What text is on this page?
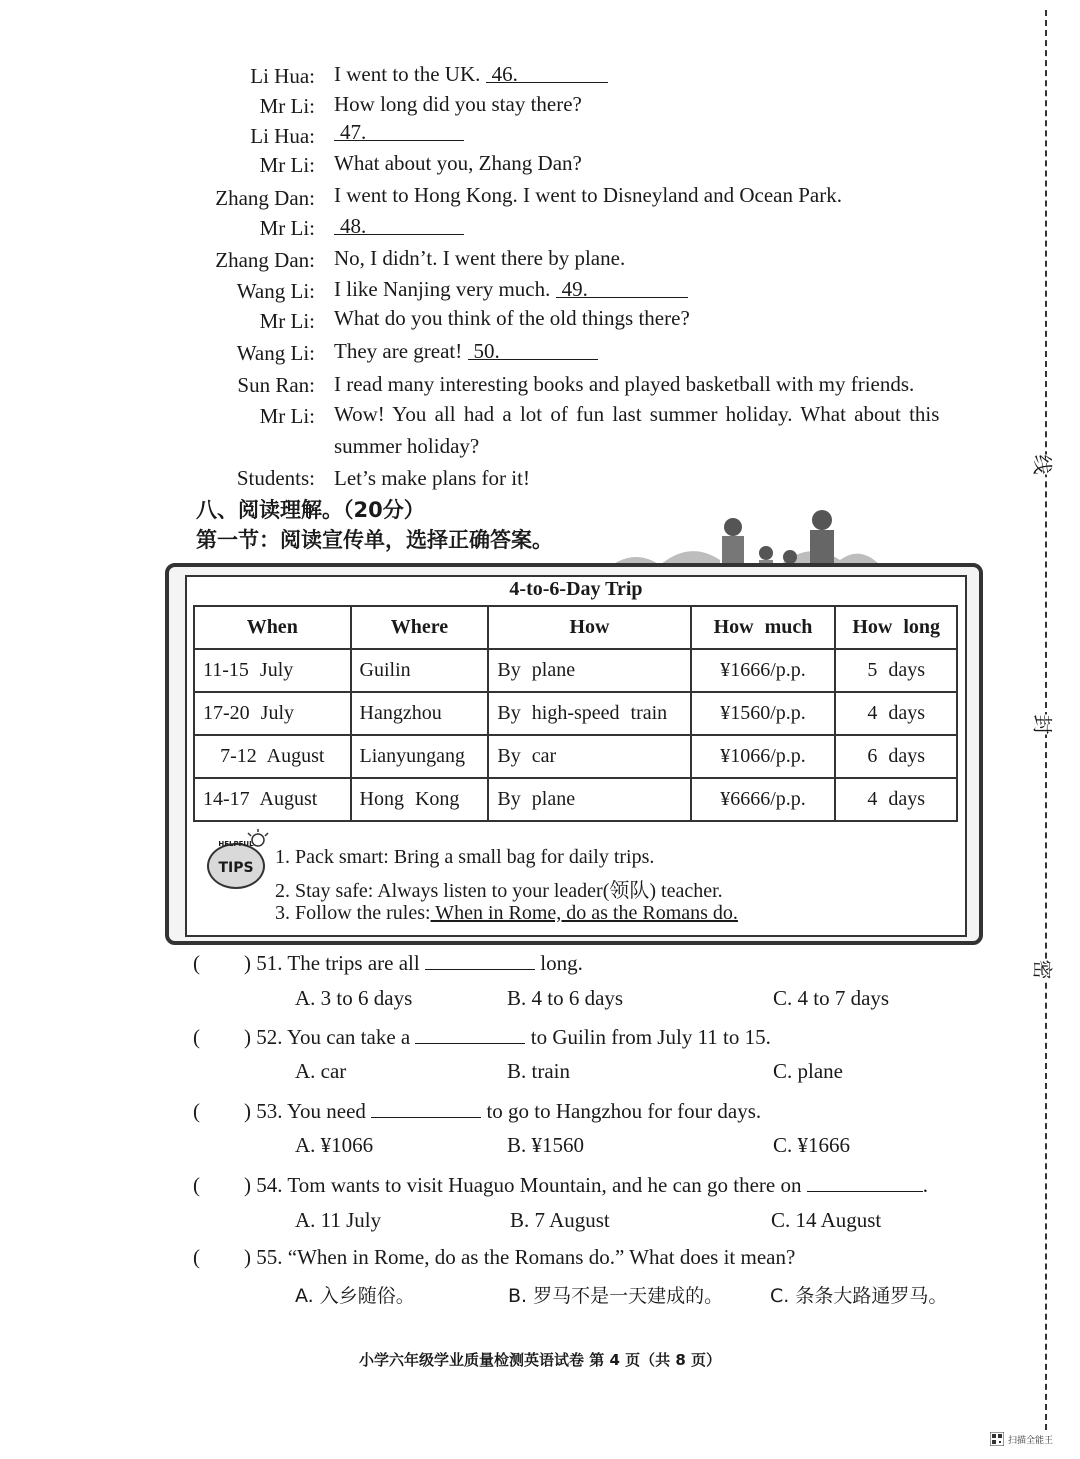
Li Hua: I went to the UK. 46.
Mr Li: How long did you stay there?
Li Hua: 47.
Mr Li: What about you, Zhang Dan?
Zhang Dan: I went to Hong Kong. I went to Disneyland and Ocean Park.
Mr Li: 48.
Zhang Dan: No, I didn’t. I went there by plane.
Wang Li: I like Nanjing very much. 49.
Mr Li: What do you think of the old things there?
Wang Li: They are great! 50.
Sun Ran: I read many interesting books and played basketball with my friends.
Mr Li: Wow! You all had a lot of fun last summer holiday. What about this
summer holiday?
Students: Let’s make plans for it!
线
封
密
八、阅读理解。（20分）
第一节：阅读宣传单，选择正确答案。
4-to-6-Day Trip
When	Where	How	How much	How long
11-15 July	Guilin	By plane	¥1666/p.p.	5 days
17-20 July	Hangzhou	By high-speed train	¥1560/p.p.	4 days
7-12 August	Lianyungang	By car	¥1066/p.p.	6 days
14-17 August	Hong Kong	By plane	¥6666/p.p.	4 days
HELPFUL
TIPS	1. Pack smart: Bring a small bag for daily trips.
2. Stay safe: Always listen to your leader(领队) teacher.
3. Follow the rules: When in Rome, do as the Romans do.
( ) 51. The trips are all	long.
A. 3 to 6 days	B. 4 to 6 days	C. 4 to 7 days
( ) 52. You can take a	to Guilin from July 11 to 15.
A. car	B. train	C. plane
( ) 53. You need	to go to Hangzhou for four days.
A. ¥1066	B. ¥1560	C. ¥1666
( ) 54. Tom wants to visit Huaguo Mountain, and he can go there on	.
A. 11 July	B. 7 August	C. 14 August
( ) 55. “When in Rome, do as the Romans do.” What does it mean?
A. 入乡随俗。	B. 罗马不是一天建成的。 C. 条条大路通罗马。
小学六年级学业质量检测英语试卷 第 4 页（共 8 页）
扫描全能王
